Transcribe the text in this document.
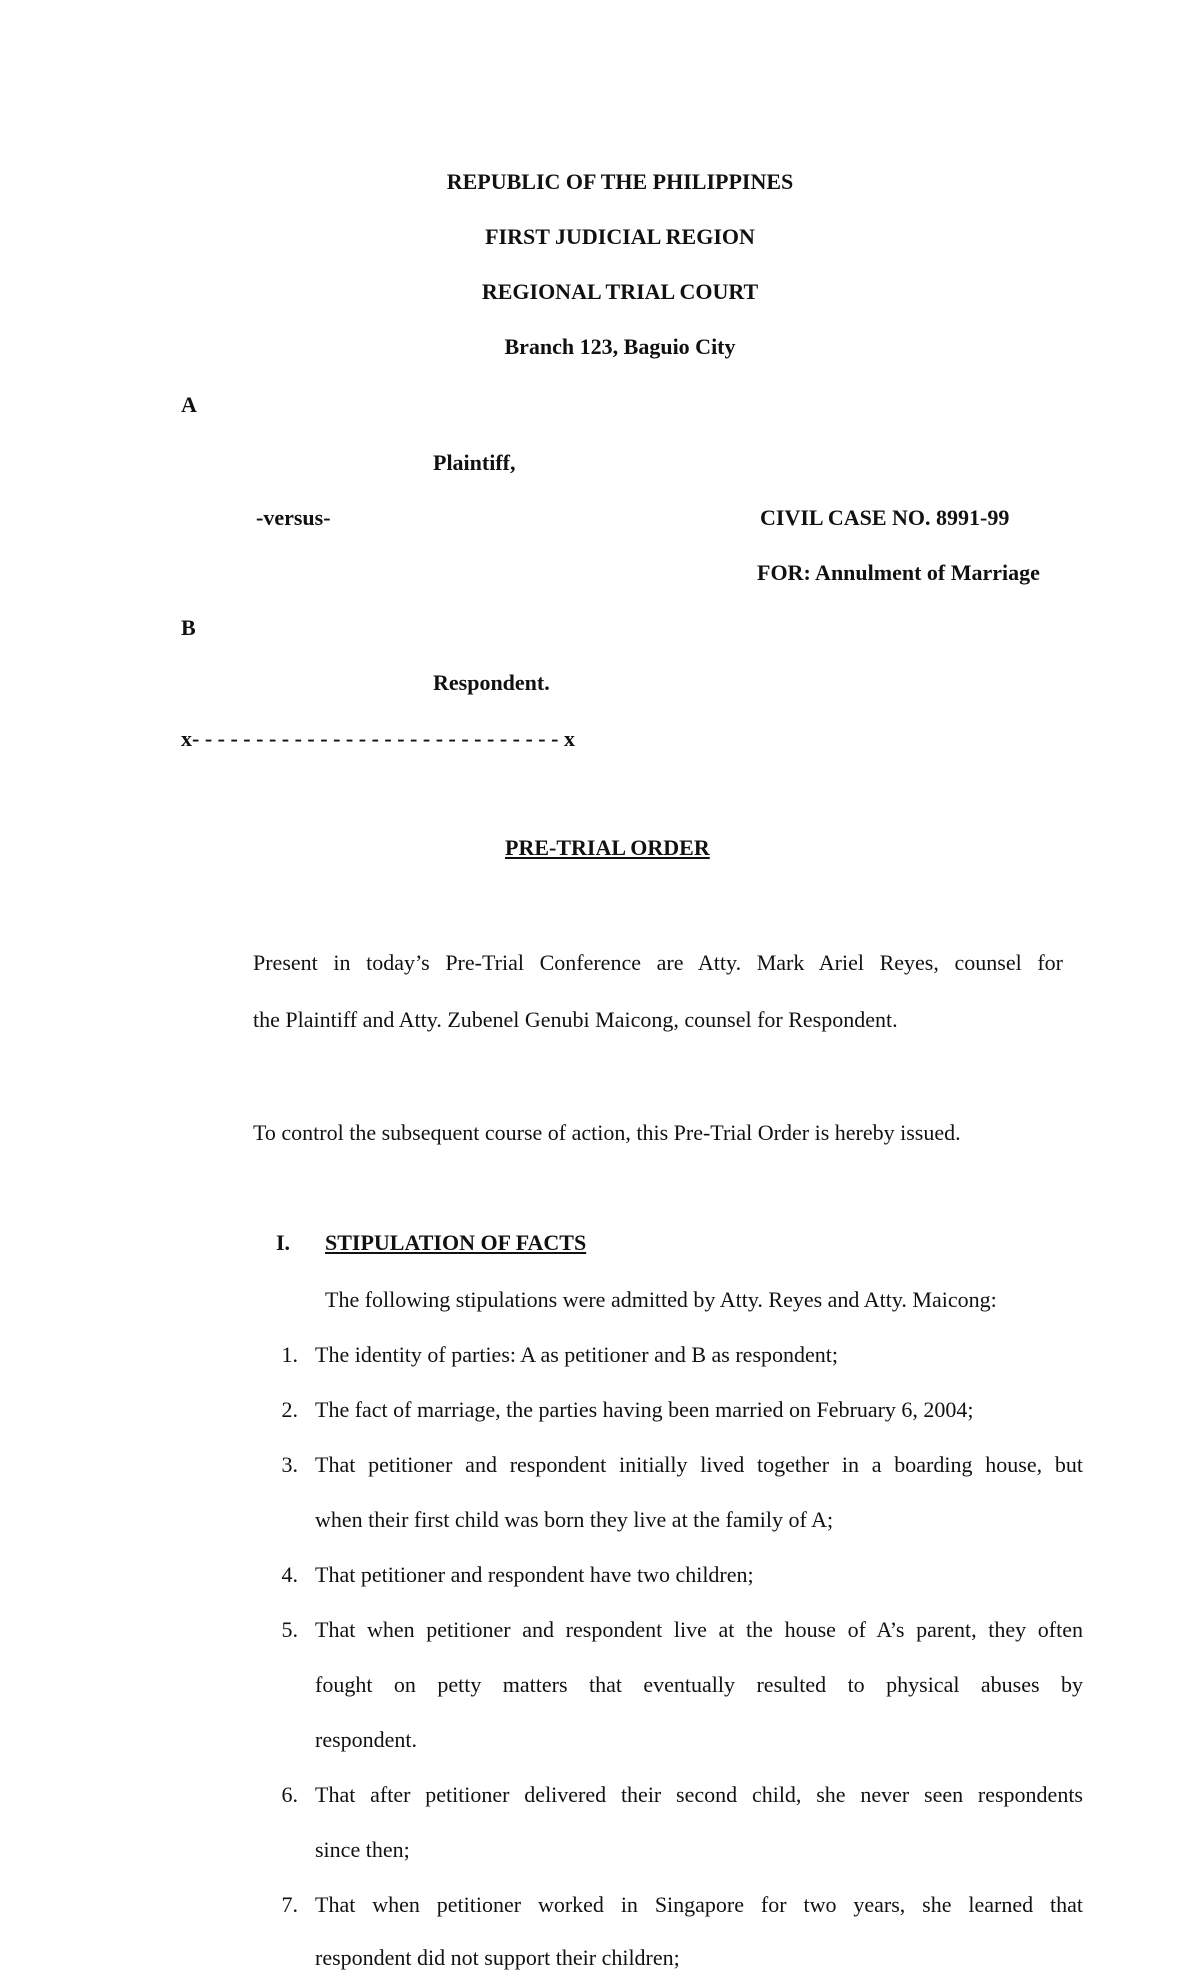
REPUBLIC OF THE PHILIPPINES
FIRST JUDICIAL REGION
REGIONAL TRIAL COURT
Branch 123, Baguio City
A
Plaintiff,
-versus-	CIVIL CASE NO. 8991-99
FOR: Annulment of Marriage
B
Respondent.
x- - - - - - - - - - - - - - - - - - - - - - - - - - - - - x
PRE-TRIAL ORDER
Present in today’s Pre-Trial Conference are Atty. Mark Ariel Reyes, counsel for
the Plaintiff and Atty. Zubenel Genubi Maicong, counsel for Respondent.
To control the subsequent course of action, this Pre-Trial Order is hereby issued.
I. STIPULATION OF FACTS
The following stipulations were admitted by Atty. Reyes and Atty. Maicong:
1. The identity of parties: A as petitioner and B as respondent;
2. The fact of marriage, the parties having been married on February 6, 2004;
3. That petitioner and respondent initially lived together in a boarding house, but
when their first child was born they live at the family of A;
4. That petitioner and respondent have two children;
5. That when petitioner and respondent live at the house of A’s parent, they often
fought on petty matters that eventually resulted to physical abuses by
respondent.
6. That after petitioner delivered their second child, she never seen respondents
since then;
7. That when petitioner worked in Singapore for two years, she learned that
respondent did not support their children;
